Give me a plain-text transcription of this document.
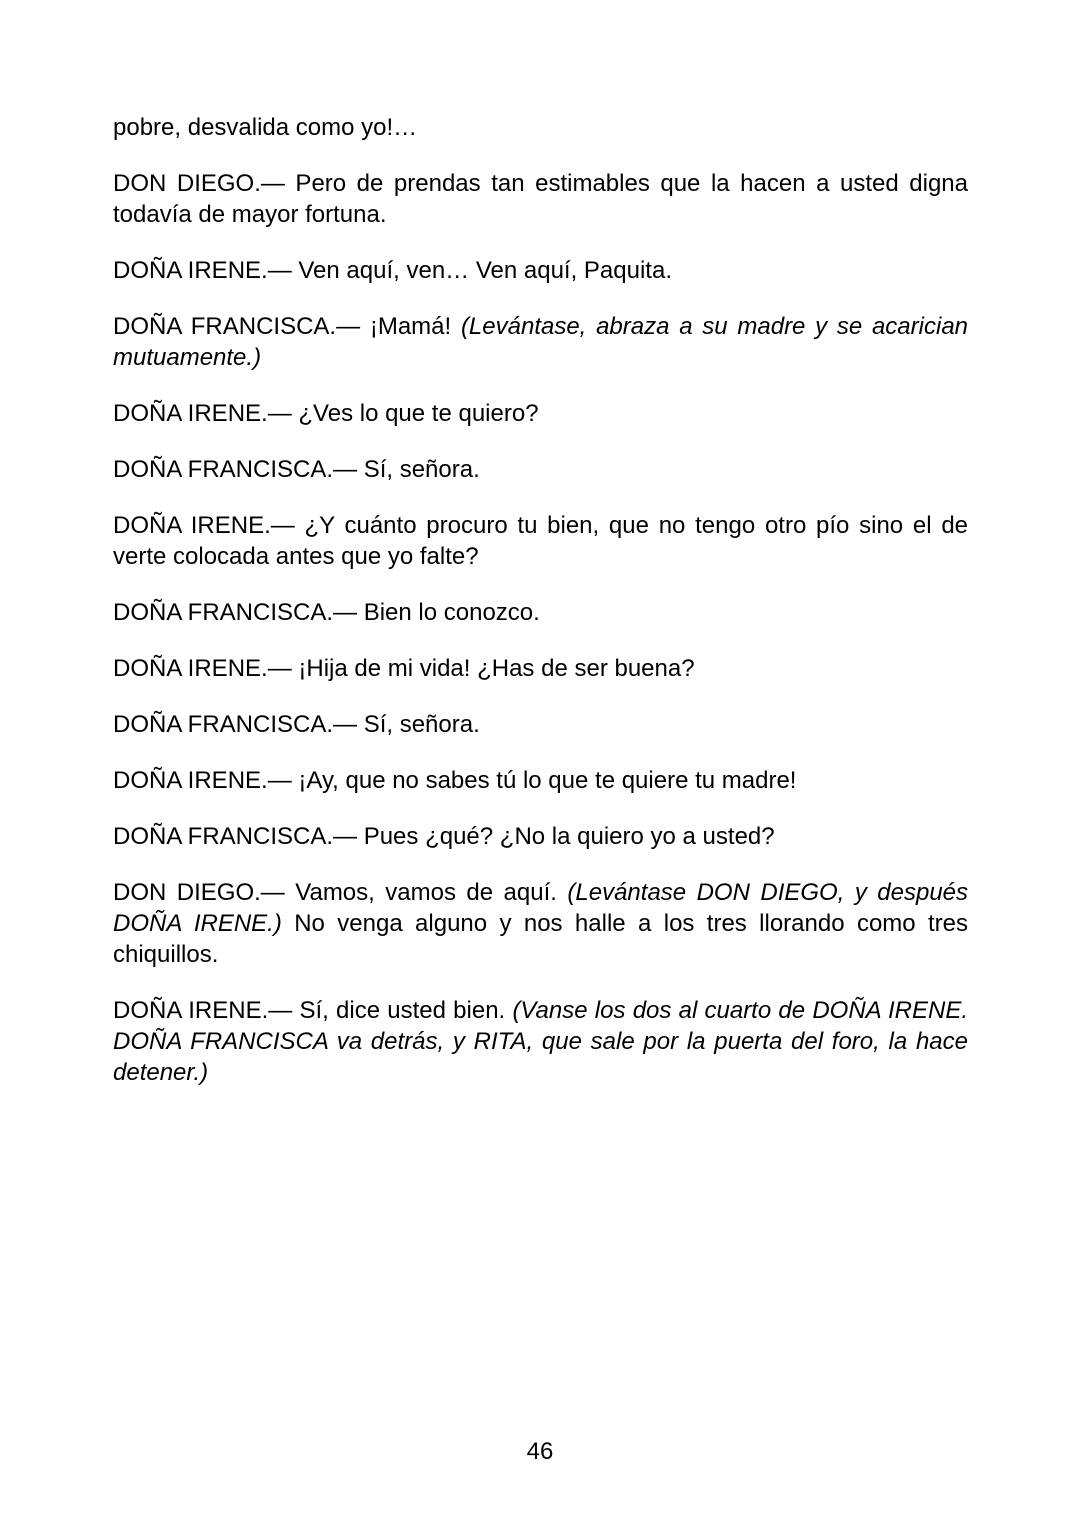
pobre, desvalida como yo!…

DON DIEGO.— Pero de prendas tan estimables que la hacen a usted digna todavía de mayor fortuna.

DOÑA IRENE.— Ven aquí, ven… Ven aquí, Paquita.

DOÑA FRANCISCA.— ¡Mamá! (Levántase, abraza a su madre y se acarician mutuamente.)

DOÑA IRENE.— ¿Ves lo que te quiero?

DOÑA FRANCISCA.— Sí, señora.

DOÑA IRENE.— ¿Y cuánto procuro tu bien, que no tengo otro pío sino el de verte colocada antes que yo falte?

DOÑA FRANCISCA.— Bien lo conozco.

DOÑA IRENE.— ¡Hija de mi vida! ¿Has de ser buena?

DOÑA FRANCISCA.— Sí, señora.

DOÑA IRENE.— ¡Ay, que no sabes tú lo que te quiere tu madre!

DOÑA FRANCISCA.— Pues ¿qué? ¿No la quiero yo a usted?

DON DIEGO.— Vamos, vamos de aquí. (Levántase DON DIEGO, y después DOÑA IRENE.) No venga alguno y nos halle a los tres llorando como tres chiquillos.

DOÑA IRENE.— Sí, dice usted bien. (Vanse los dos al cuarto de DOÑA IRENE. DOÑA FRANCISCA va detrás, y RITA, que sale por la puerta del foro, la hace detener.)

46
